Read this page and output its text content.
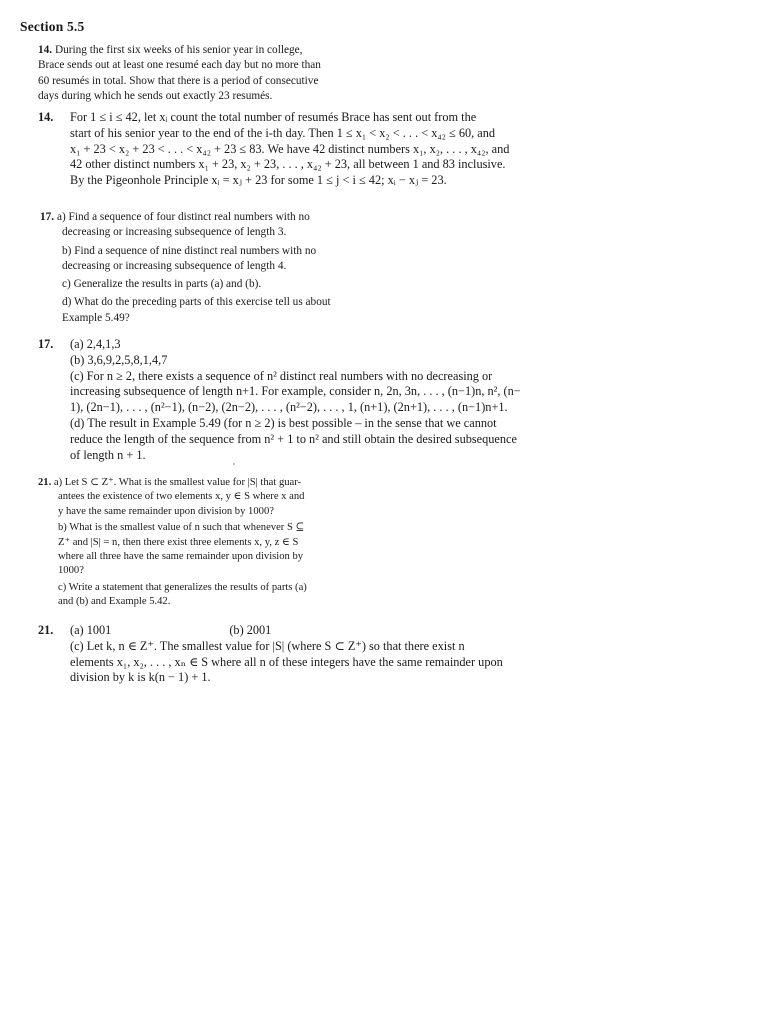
Section 5.5
14. During the first six weeks of his senior year in college,
Brace sends out at least one resumé each day but no more than
60 resumés in total. Show that there is a period of consecutive
days during which he sends out exactly 23 resumés.
14. For 1 ≤ i ≤ 42, let xᵢ count the total number of resumés Brace has sent out from the
start of his senior year to the end of the i-th day. Then 1 ≤ x₁ < x₂ < . . . < x₄₂ ≤ 60, and
x₁ + 23 < x₂ + 23 < . . . < x₄₂ + 23 ≤ 83. We have 42 distinct numbers x₁, x₂, . . . , x₄₂, and
42 other distinct numbers x₁ + 23, x₂ + 23, . . . , x₄₂ + 23, all between 1 and 83 inclusive.
By the Pigeonhole Principle xᵢ = xⱼ + 23 for some 1 ≤ j < i ≤ 42; xᵢ − xⱼ = 23.
17. a) Find a sequence of four distinct real numbers with no
decreasing or increasing subsequence of length 3.
b) Find a sequence of nine distinct real numbers with no
decreasing or increasing subsequence of length 4.
c) Generalize the results in parts (a) and (b).
d) What do the preceding parts of this exercise tell us about
Example 5.49?
17. (a) 2,4,1,3
(b) 3,6,9,2,5,8,1,4,7
(c) For n ≥ 2, there exists a sequence of n² distinct real numbers with no decreasing or
increasing subsequence of length n+1. For example, consider n, 2n, 3n, . . . , (n−1)n, n², (n−
1), (2n−1), . . . , (n²−1), (n−2), (2n−2), . . . , (n²−2), . . . , 1, (n+1), (2n+1), . . . , (n−1)n+1.
(d) The result in Example 5.49 (for n ≥ 2) is best possible – in the sense that we cannot
reduce the length of the sequence from n² + 1 to n² and still obtain the desired subsequence
of length n + 1.
21. a) Let S ⊂ Z⁺. What is the smallest value for |S| that guar-
antees the existence of two elements x, y ∈ S where x and
y have the same remainder upon division by 1000?
b) What is the smallest value of n such that whenever S ⊆
Z⁺ and |S| = n, then there exist three elements x, y, z ∈ S
where all three have the same remainder upon division by
1000?
c) Write a statement that generalizes the results of parts (a)
and (b) and Example 5.42.
21. (a) 1001	(b) 2001
(c) Let k, n ∈ Z⁺. The smallest value for |S| (where S ⊂ Z⁺) so that there exist n
elements x₁, x₂, . . . , xₙ ∈ S where all n of these integers have the same remainder upon
division by k is k(n − 1) + 1.
